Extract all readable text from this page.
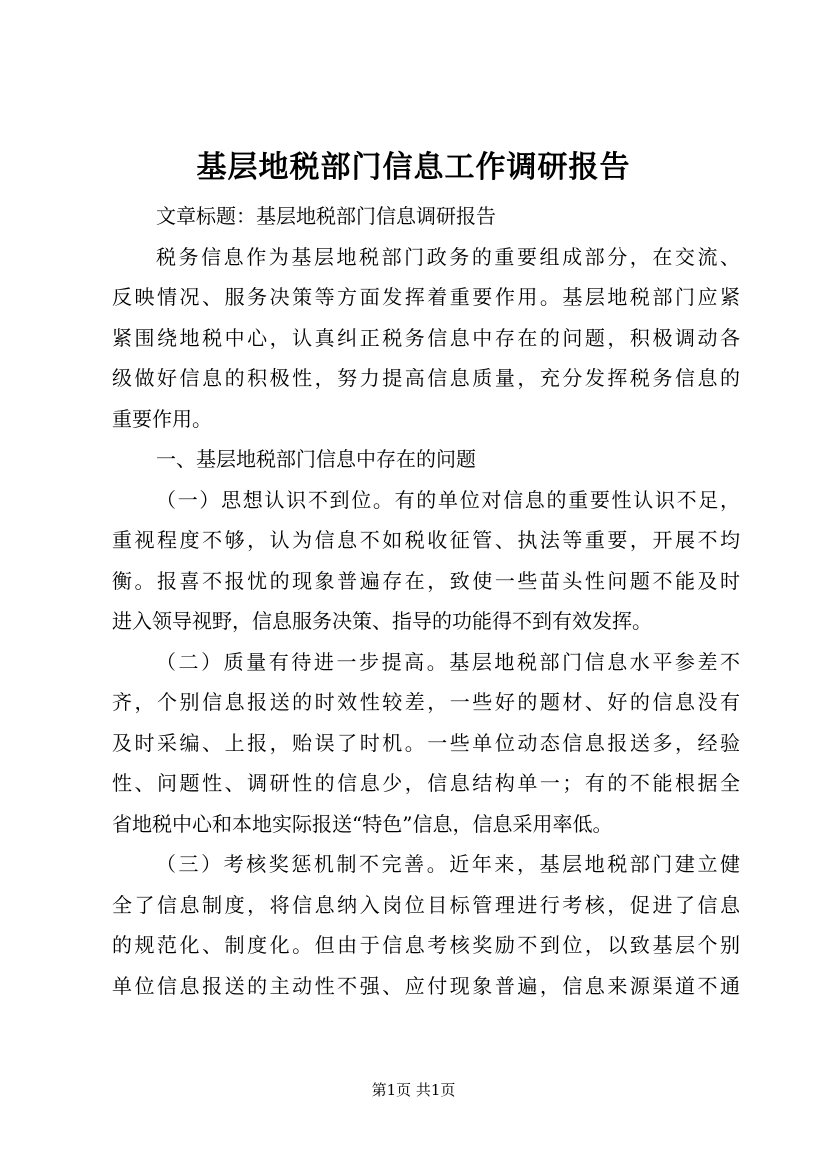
基层地税部门信息工作调研报告
文章标题：基层地税部门信息调研报告
税务信息作为基层地税部门政务的重要组成部分，在交流、
反映情况、服务决策等方面发挥着重要作用。基层地税部门应紧
紧围绕地税中心，认真纠正税务信息中存在的问题，积极调动各
级做好信息的积极性，努力提高信息质量，充分发挥税务信息的
重要作用。
一、基层地税部门信息中存在的问题
（一）思想认识不到位。有的单位对信息的重要性认识不足，
重视程度不够，认为信息不如税收征管、执法等重要，开展不均
衡。报喜不报忧的现象普遍存在，致使一些苗头性问题不能及时
进入领导视野，信息服务决策、指导的功能得不到有效发挥。
（二）质量有待进一步提高。基层地税部门信息水平参差不
齐，个别信息报送的时效性较差，一些好的题材、好的信息没有
及时采编、上报，贻误了时机。一些单位动态信息报送多，经验
性、问题性、调研性的信息少，信息结构单一；有的不能根据全
省地税中心和本地实际报送“特色”信息，信息采用率低。
（三）考核奖惩机制不完善。近年来，基层地税部门建立健
全了信息制度，将信息纳入岗位目标管理进行考核，促进了信息
的规范化、制度化。但由于信息考核奖励不到位，以致基层个别
单位信息报送的主动性不强、应付现象普遍，信息来源渠道不通
第1页 共1页
